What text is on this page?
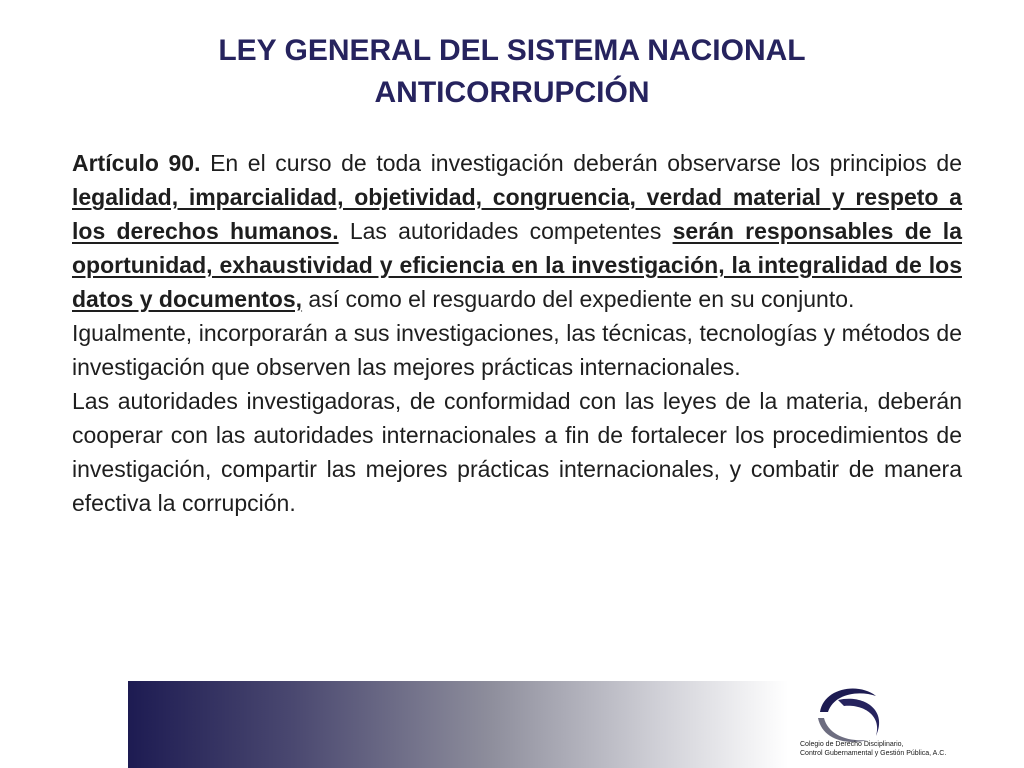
LEY GENERAL DEL SISTEMA NACIONAL
ANTICORRUPCIÓN

Artículo 90. En el curso de toda investigación deberán observarse los principios de legalidad, imparcialidad, objetividad, congruencia, verdad material y respeto a los derechos humanos. Las autoridades competentes serán responsables de la oportunidad, exhaustividad y eficiencia en la investigación, la integralidad de los datos y documentos, así como el resguardo del expediente en su conjunto.

Igualmente, incorporarán a sus investigaciones, las técnicas, tecnologías y métodos de investigación que observen las mejores prácticas internacionales.

Las autoridades investigadoras, de conformidad con las leyes de la materia, deberán cooperar con las autoridades internacionales a fin de fortalecer los procedimientos de investigación, compartir las mejores prácticas internacionales, y combatir de manera efectiva la corrupción.

Colegio de Derecho Disciplinario,
Control Gubernamental y Gestión Pública, A.C.
